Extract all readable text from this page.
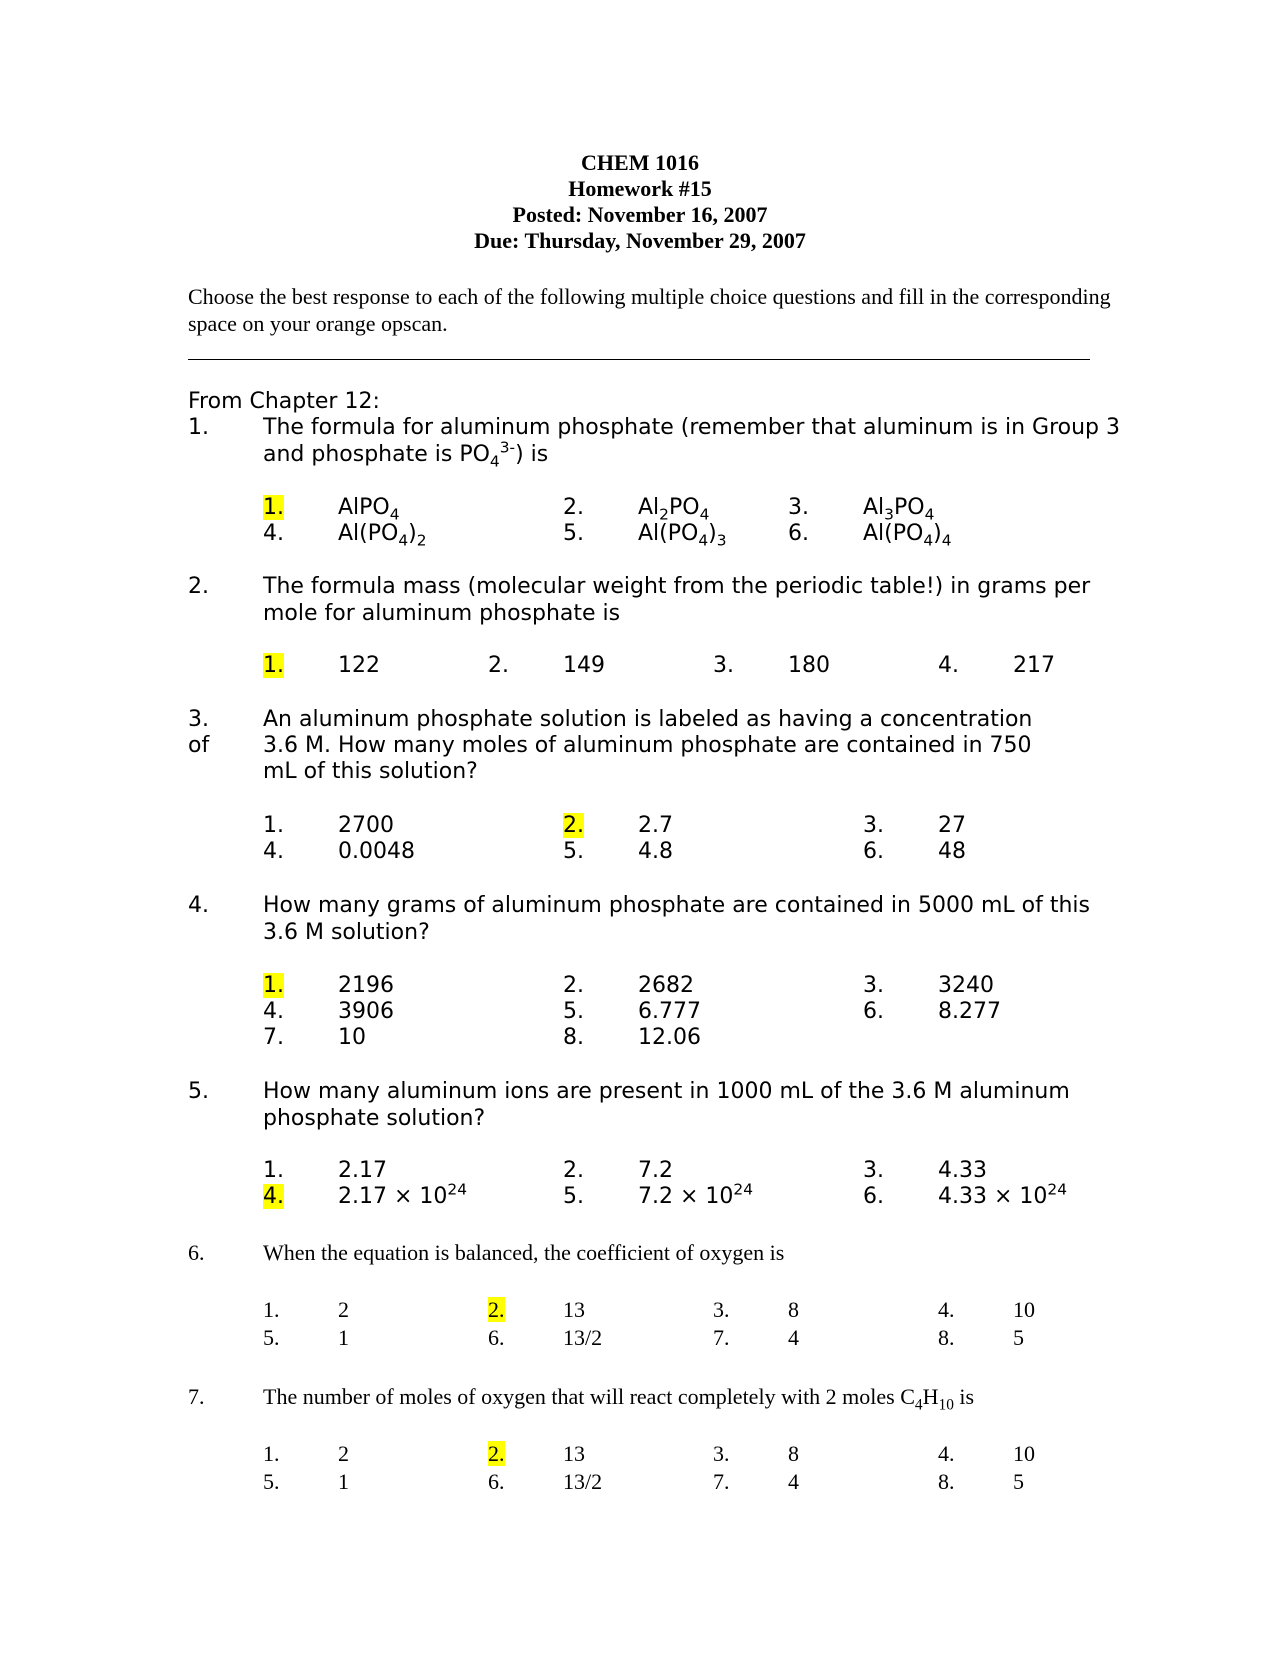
CHEM 1016
Homework #15
Posted: November 16, 2007
Due: Thursday, November 29, 2007
Choose the best response to each of the following multiple choice questions and fill in the corresponding space on your orange opscan.
From Chapter 12:
1. The formula for aluminum phosphate (remember that aluminum is in Group 3 and phosphate is $PO_4^{3-}$) is
1. AlPO$_4$	2. $Al_2PO_4$	3. $Al_3PO_4$
4. $Al(PO_4)_2$	5. $Al(PO_4)_3$	6. $Al(PO_4)_4$
2. The formula mass (molecular weight from the periodic table!) in grams per mole for aluminum phosphate is
1. 122	2. 149	3. 180	4. 217
3.
of
An aluminum phosphate solution is labeled as having a concentration
3.6 M. How many moles of aluminum phosphate are contained in 750
mL of this solution?
1. 2700	2. 2.7	3. 27
4. 0.0048	5. 4.8	6. 48
4. How many grams of aluminum phosphate are contained in 5000 mL of this 3.6 M solution?
1. 2196	2. 2682	3. 3240
4. 3906	5. 6.777	6. 8.277
7. 10	8. 12.06
5. How many aluminum ions are present in 1000 mL of the 3.6 M aluminum phosphate solution?
1. 2.17	2. 7.2	3. 4.33
4. $2.17 \times 10^{24}$	5. $7.2 \times 10^{24}$	6. $4.33 \times 10^{24}$
6.	When the equation is balanced, the coefficient of oxygen is
1.	2	2.	13	3.	8	4.	10
5.	1	6.	13/2	7.	4	8.	5
7.	The number of moles of oxygen that will react completely with 2 moles $C_4H_{10}$ is
1.	2	2.	13	3.	8	4.	10
5.	1	6.	13/2	7.	4	8.	5
